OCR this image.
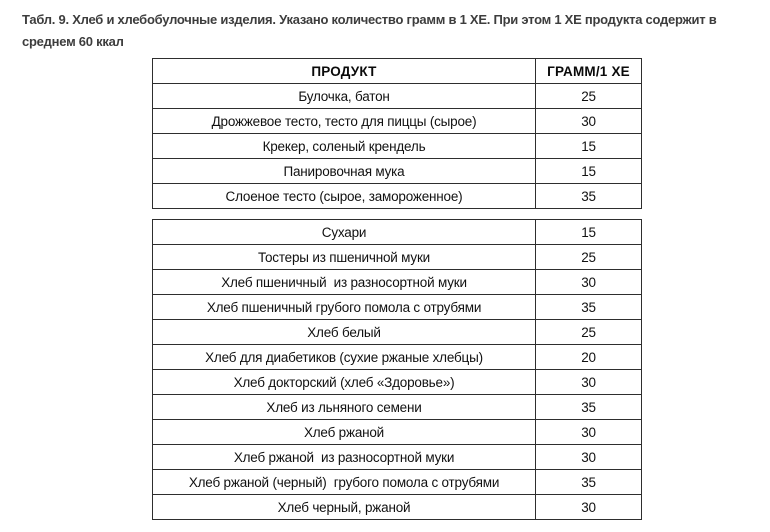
Табл. 9. Хлеб и хлебобулочные изделия. Указано количество грамм в 1 ХЕ. При этом 1 ХЕ продукта содержит в среднем 60 ккал
ПРОДУКТ	ГРАММ/1 ХЕ
Булочка, батон	25
Дрожжевое тесто, тесто для пиццы (сырое)	30
Крекер, соленый крендель	15
Панировочная мука	15
Слоеное тесто (сырое, замороженное)	35
Сухари	15
Тостеры из пшеничной муки	25
Хлеб пшеничный  из разносортной муки	30
Хлеб пшеничный грубого помола с отрубями	35
Хлеб белый	25
Хлеб для диабетиков (сухие ржаные хлебцы)	20
Хлеб докторский (хлеб «Здоровье»)	30
Хлеб из льняного семени	35
Хлеб ржаной	30
Хлеб ржаной  из разносортной муки	30
Хлеб ржаной (черный)  грубого помола с отрубями	35
Хлеб черный, ржаной	30
